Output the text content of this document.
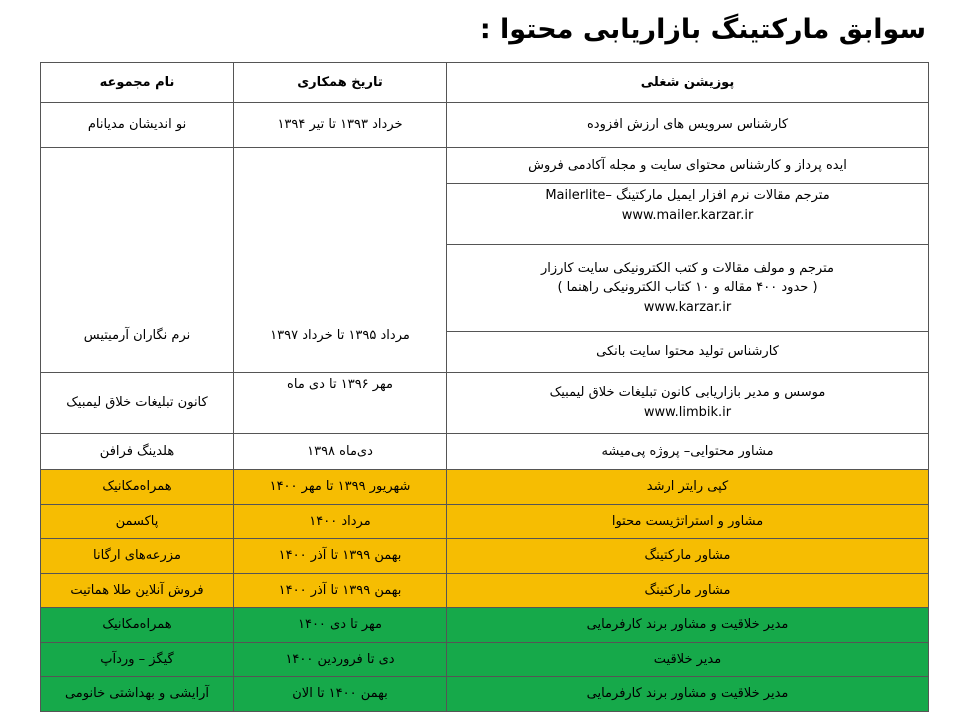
سوابق مارکتینگ بازاریابی محتوا :
پوزیشن شغلی	تاریخ همکاری	نام مجموعه
کارشناس سرویس های ارزش افزوده	خرداد ۱۳۹۳ تا تیر ۱۳۹۴	نو اندیشان مدیانام
ایده پرداز و کارشناس محتوای سایت و مجله آکادمی فروش	مرداد ۱۳۹۵ تا خرداد ۱۳۹۷	نرم نگاران آرمیتیس

مترجم مقالات نرم افزار ایمیل مارکتینگ –Mailerlite
www.mailer.karzar.ir		

مترجم و مولف مقالات و کتب الکترونیکی سایت کارزار
( حدود ۴۰۰ مقاله و ۱۰ کتاب الکترونیکی راهنما )
www.karzar.ir		

کارشناس تولید محتوا سایت بانکی		

موسس و مدیر بازاریابی کانون تبلیغات خلاق لیمبیک
www.limbik.ir	مهر ۱۳۹۶ تا دی ماه	کانون تبلیغات خلاق لیمبیک
مشاور محتوایی– پروژه پی‌میشه	دی‌ماه ۱۳۹۸	هلدینگ فرافن
کپی رایتر ارشد	شهریور ۱۳۹۹ تا مهر ۱۴۰۰	همراه‌مکانیک
مشاور و استراتژیست محتوا	مرداد ۱۴۰۰	پاکسمن
مشاور مارکتینگ	بهمن ۱۳۹۹ تا آذر ۱۴۰۰	مزرعه‌های ارگانا
مشاور مارکتینگ	بهمن ۱۳۹۹ تا آذر ۱۴۰۰	فروش آنلاین طلا هماتیت
مدیر خلاقیت و مشاور برند کارفرمایی	مهر تا دی ۱۴۰۰	همراه‌مکانیک
مدیر خلاقیت	دی تا فروردین ۱۴۰۰	گیگز – وردآپ
مدیر خلاقیت و مشاور برند کارفرمایی	بهمن ۱۴۰۰ تا الان	آرایشی و بهداشتی خانومی
